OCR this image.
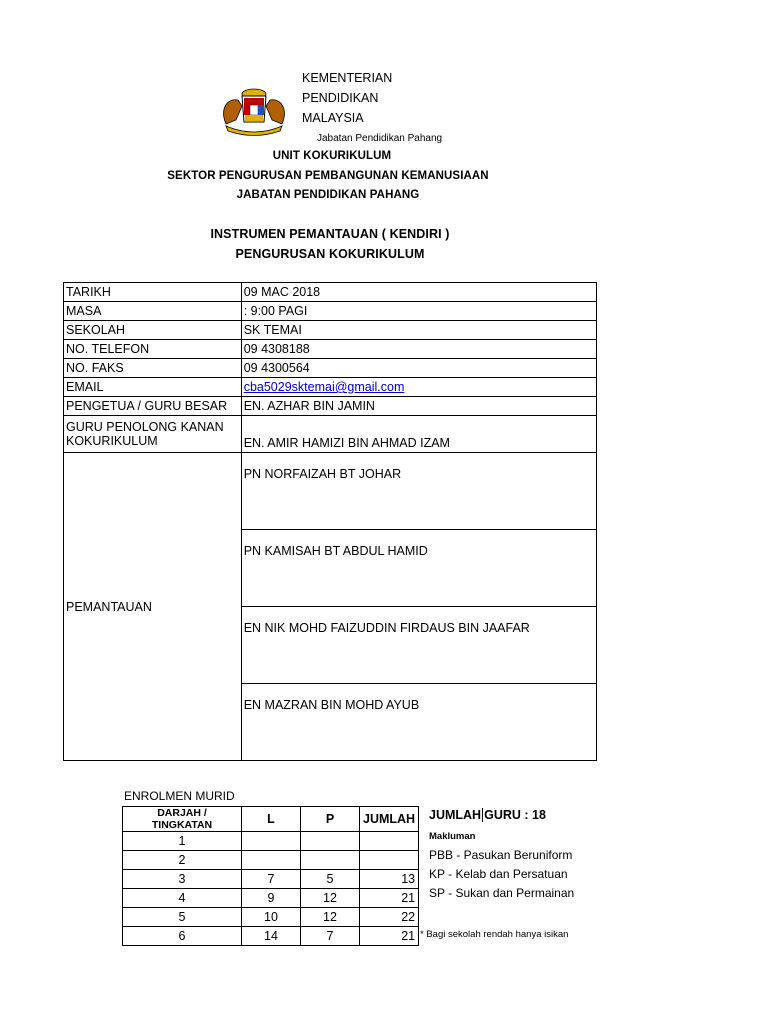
KEMENTERIAN
PENDIDIKAN
MALAYSIA
Jabatan Pendidikan Pahang
UNIT KOKURIKULUM
SEKTOR PENGURUSAN PEMBANGUNAN KEMANUSIAAN
JABATAN PENDIDIKAN PAHANG
INSTRUMEN PEMANTAUAN ( KENDIRI )
PENGURUSAN KOKURIKULUM
TARIKH	09 MAC 2018
MASA	: 9:00 PAGI
SEKOLAH	SK TEMAI
NO. TELEFON	09 4308188
NO. FAKS	09 4300564
EMAIL	cba5029sktemai@gmail.com
PENGETUA / GURU BESAR	EN. AZHAR BIN JAMIN

GURU PENOLONG KANAN
KOKURIKULUM	EN. AMIR HAMIZI BIN AHMAD IZAM

PEMANTAUAN	PN NORFAIZAH BT JOHAR

	PN KAMISAH BT ABDUL HAMID

	EN NIK MOHD FAIZUDDIN FIRDAUS BIN JAAFAR

	EN MAZRAN BIN MOHD AYUB
ENROLMEN MURID
DARJAH / TINGKATAN	L	P	JUMLAH
1			
2			
3	7	5	13
4	9	12	21
5	10	12	22
6	14	7	21
JUMLAH GURU : 18
Makluman
PBB - Pasukan Beruniform
KP - Kelab dan Persatuan
SP - Sukan dan Permainan
* Bagi sekolah rendah hanya isikan
